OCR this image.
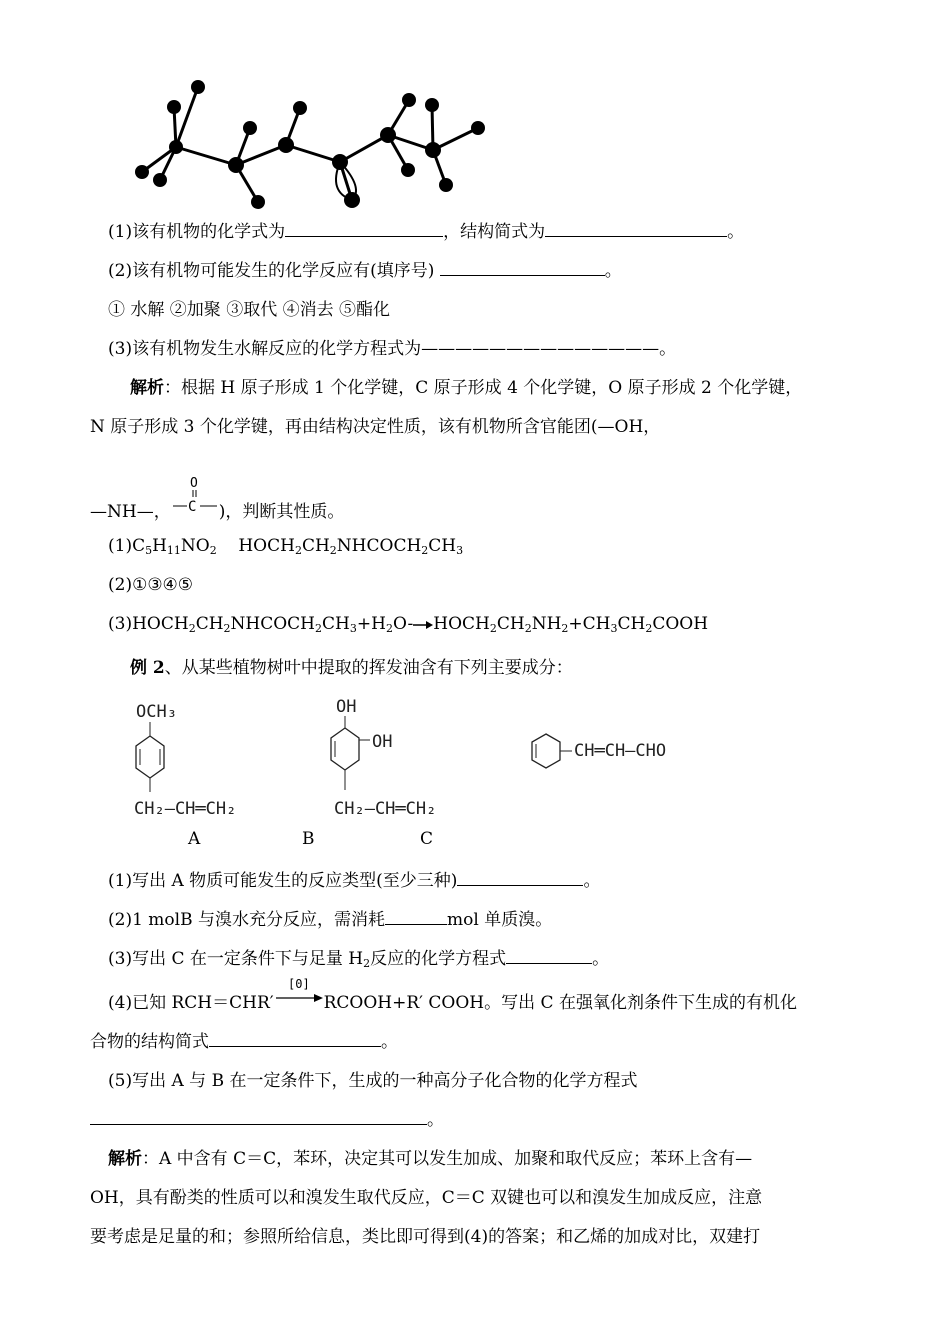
(1)该有机物的化学式为	，结构简式为	。
(2)该有机物可能发生的化学反应有(填序号)	。
① 水解 ②加聚 ③取代 ④消去 ⑤酯化
(3)该有机物发生水解反应的化学方程式为——————————————。
解析：根据 H 原子形成 1 个化学键，C 原子形成 4 个化学键，O 原子形成 2 个化学键，
N 原子形成 3 个化学键，再由结构决定性质，该有机物所含官能团(—OH，
—NH—，
O
C )，判断其性质。
$(1)C_5H_{11}NO_2$    $HOCH_2CH_2NHCOCH_2CH_3$
(2)①③④⑤
$(3)HOCH_2CH_2NHCOCH_2CH_3+H_2O-$ $HOCH_2CH_2NH_2+CH_3CH_2COOH$
例 2、从某些植物树叶中提取的挥发油含有下列主要成分：
OCH₃
CH₂—CH═CH₂
A
OH
OH
CH₂—CH═CH₂
B	C
CH═CH—CHO
(1)写出 A 物质可能发生的反应类型(至少三种)	。
(2)1 molB 与溴水充分反应，需消耗	mol 单质溴。
(3)写出 C 在一定条件下与足量 $H_2$反应的化学方程式	。
(4)已知 RCH＝CHR′
[0]
RCOOH+R′ COOH。写出 C 在强氧化剂条件下生成的有机化
合物的结构简式	。
(5)写出 A 与 B 在一定条件下，生成的一种高分子化合物的化学方程式
。
解析：A 中含有 C＝C，苯环，决定其可以发生加成、加聚和取代反应；苯环上含有—
OH，具有酚类的性质可以和溴发生取代反应，C＝C 双键也可以和溴发生加成反应，注意
要考虑是足量的和；参照所给信息，类比即可得到(4)的答案；和乙烯的加成对比，双建打
